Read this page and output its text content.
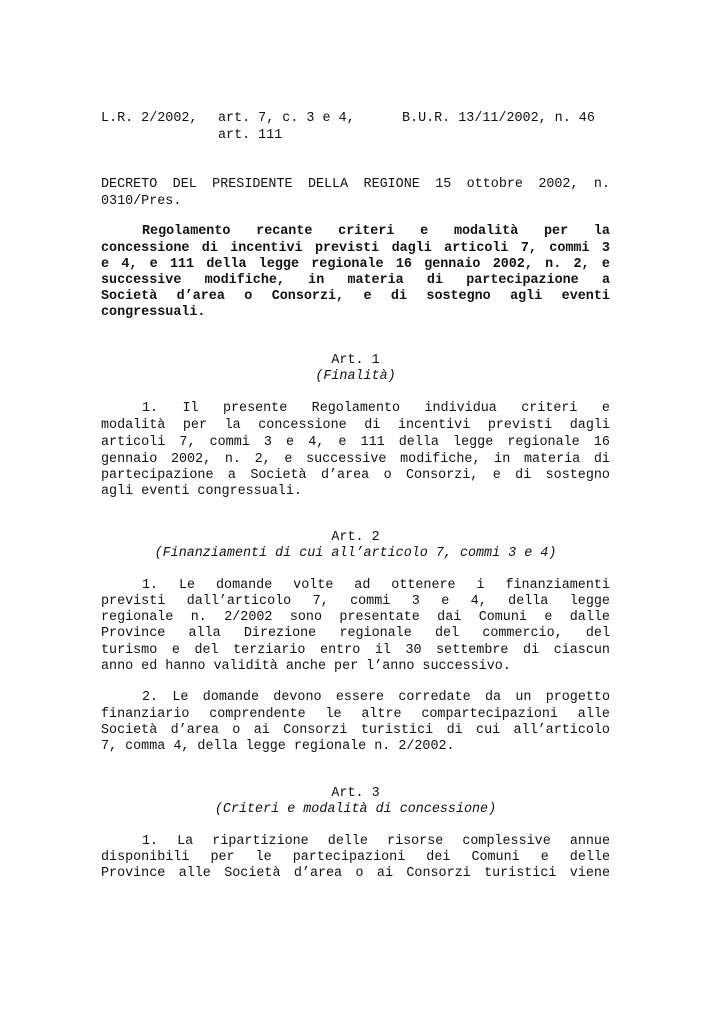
L.R. 2/2002, art. 7, c. 3 e 4,
art. 111
B.U.R. 13/11/2002, n. 46
DECRETO DEL PRESIDENTE DELLA REGIONE 15 ottobre 2002, n.
0310/Pres.
Regolamento recante criteri e modalità per la
concessione di incentivi previsti dagli articoli 7, commi 3
e 4, e 111 della legge regionale 16 gennaio 2002, n. 2, e
successive modifiche, in materia di partecipazione a
Società d’area o Consorzi, e di sostegno agli eventi
congressuali.
Art. 1
(Finalità)
1. Il presente Regolamento individua criteri e
modalità per la concessione di incentivi previsti dagli
articoli 7, commi 3 e 4, e 111 della legge regionale 16
gennaio 2002, n. 2, e successive modifiche, in materia di
partecipazione a Società d’area o Consorzi, e di sostegno
agli eventi congressuali.
Art. 2
(Finanziamenti di cui all’articolo 7, commi 3 e 4)
1. Le domande volte ad ottenere i finanziamenti
previsti dall’articolo 7, commi 3 e 4, della legge
regionale n. 2/2002 sono presentate dai Comuni e dalle
Province alla Direzione regionale del commercio, del
turismo e del terziario entro il 30 settembre di ciascun
anno ed hanno validità anche per l’anno successivo.
2. Le domande devono essere corredate da un progetto
finanziario comprendente le altre compartecipazioni alle
Società d’area o ai Consorzi turistici di cui all’articolo
7, comma 4, della legge regionale n. 2/2002.
Art. 3
(Criteri e modalità di concessione)
1. La ripartizione delle risorse complessive annue
disponibili per le partecipazioni dei Comuni e delle
Province alle Società d’area o ai Consorzi turistici viene
